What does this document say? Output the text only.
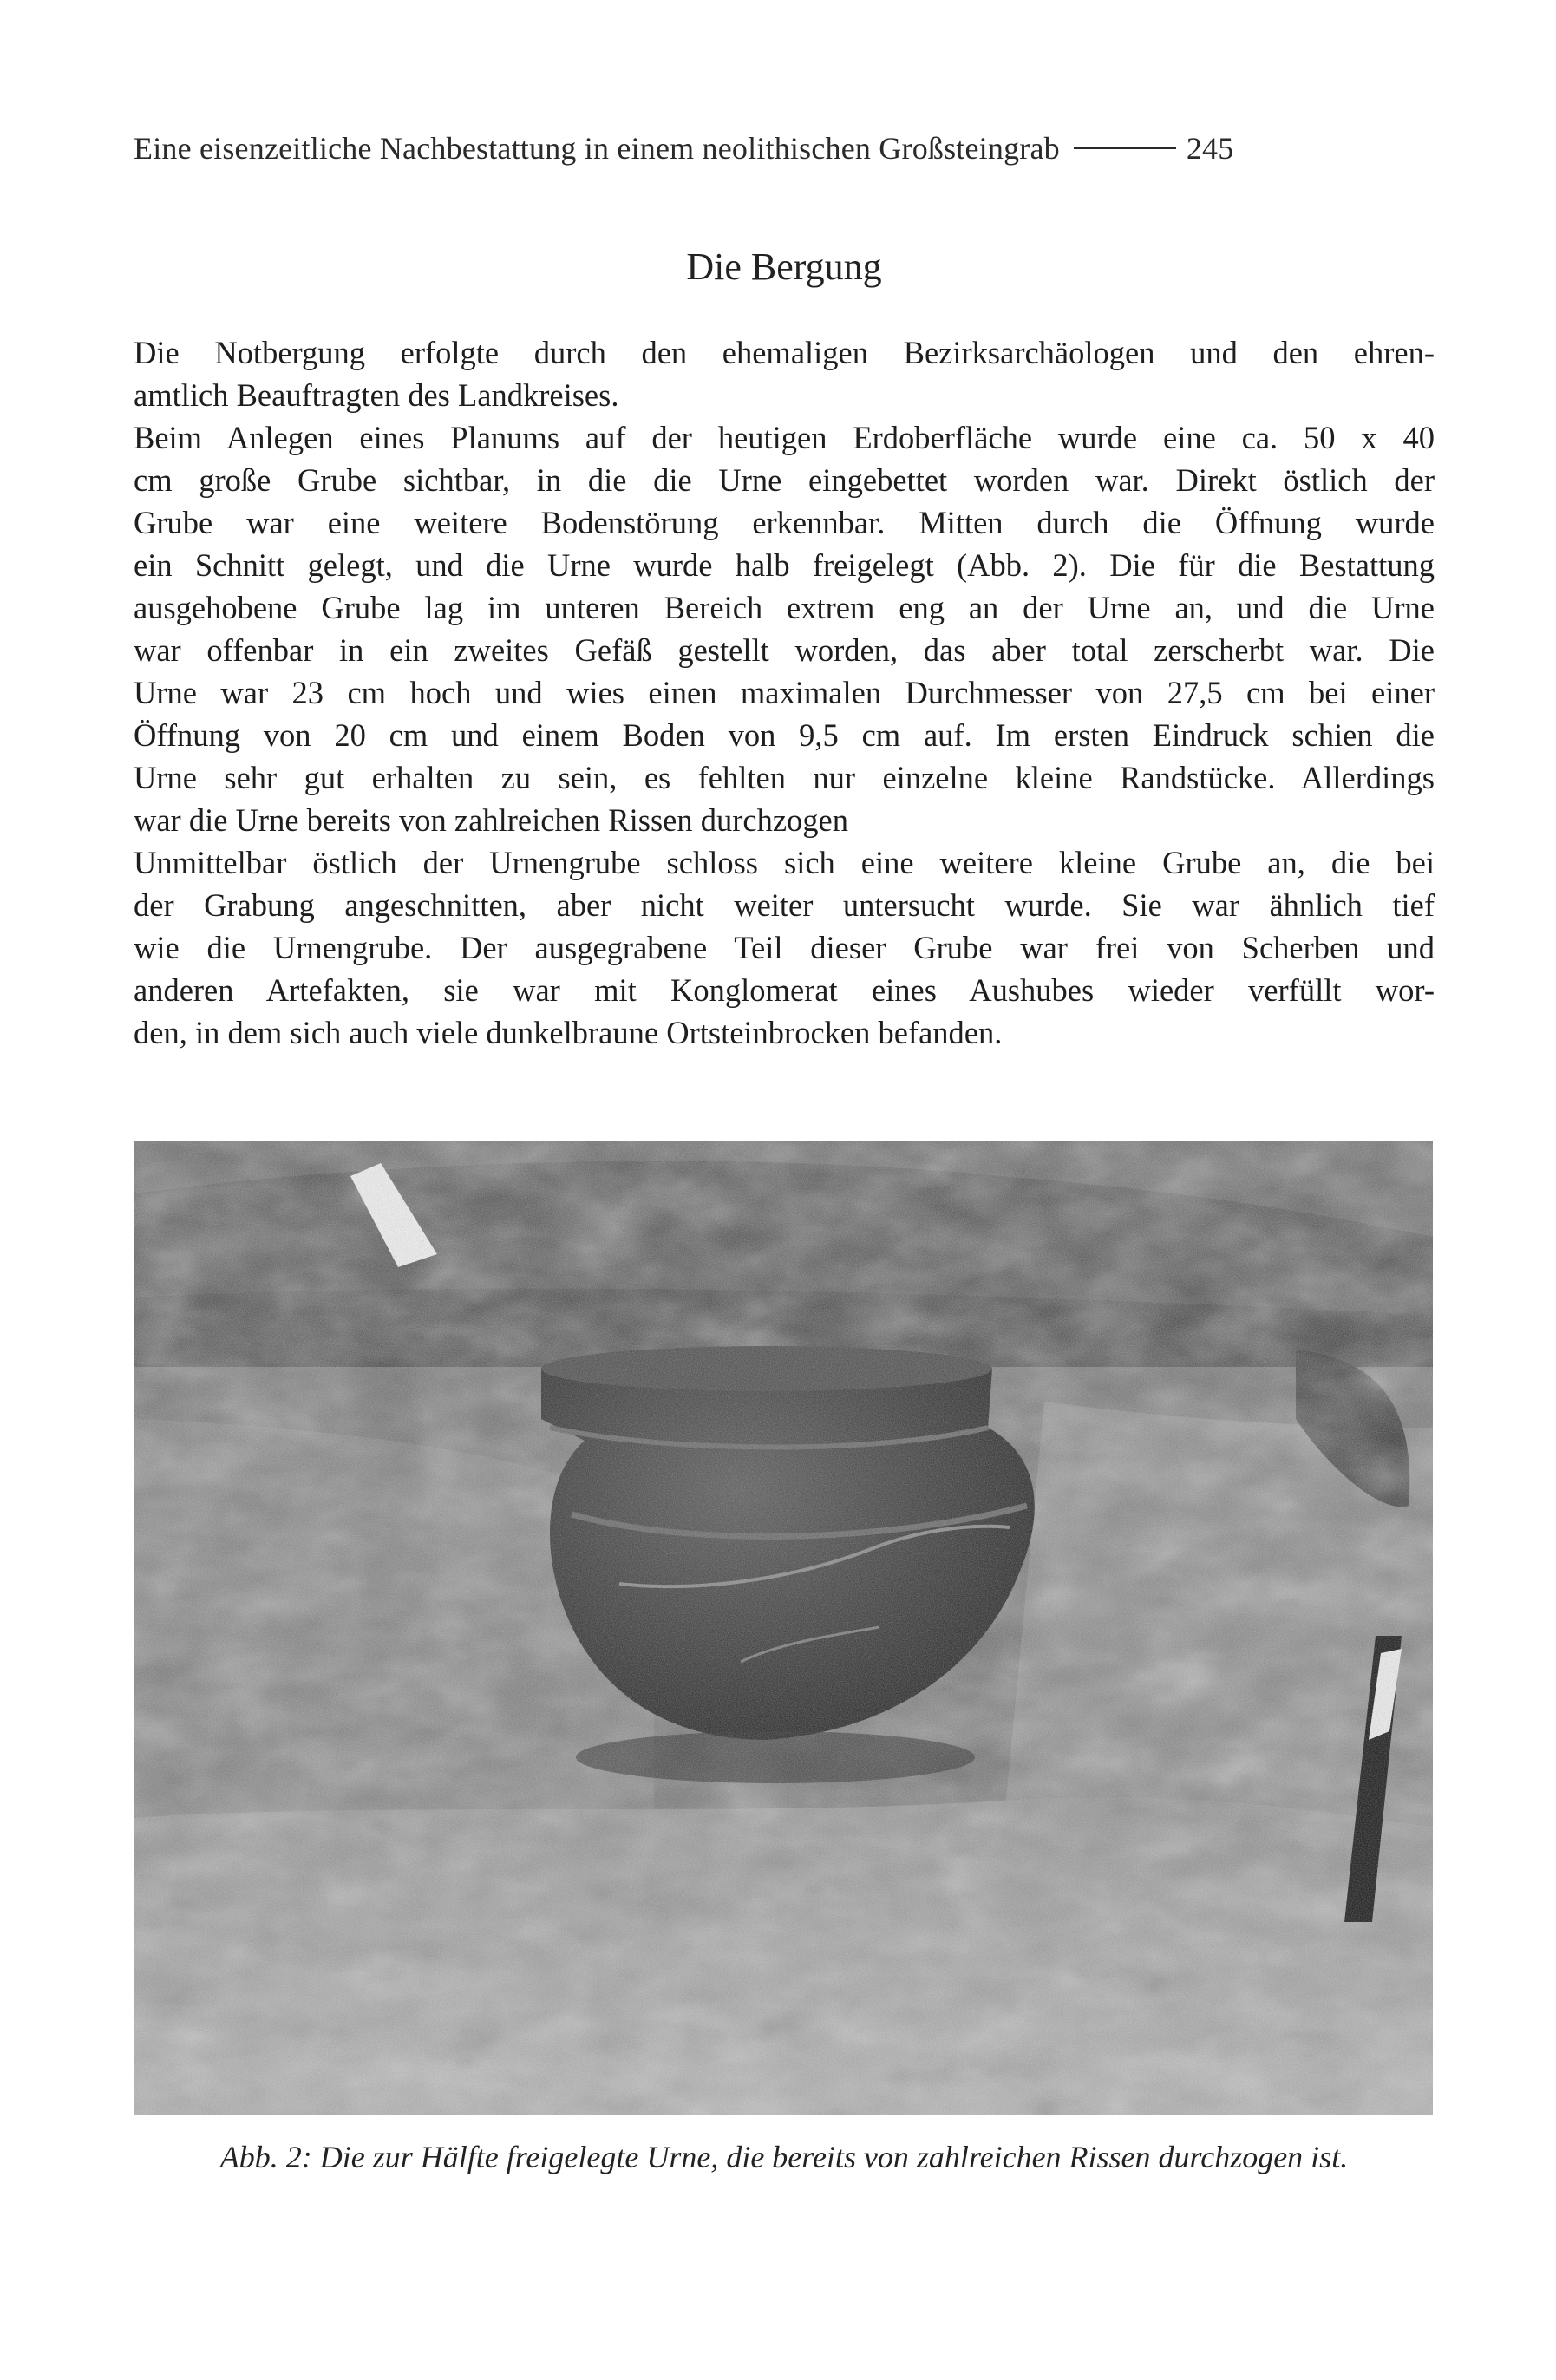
Eine eisenzeitliche Nachbestattung in einem neolithischen Großsteingrab	245
Die Bergung
Die Notbergung erfolgte durch den ehemaligen Bezirksarchäologen und den ehren-
amtlich Beauftragten des Landkreises.
Beim Anlegen eines Planums auf der heutigen Erdoberfläche wurde eine ca. 50 x 40
cm große Grube sichtbar, in die die Urne eingebettet worden war. Direkt östlich der
Grube war eine weitere Bodenstörung erkennbar. Mitten durch die Öffnung wurde
ein Schnitt gelegt, und die Urne wurde halb freigelegt (Abb. 2). Die für die Bestattung
ausgehobene Grube lag im unteren Bereich extrem eng an der Urne an, und die Urne
war offenbar in ein zweites Gefäß gestellt worden, das aber total zerscherbt war. Die
Urne war 23 cm hoch und wies einen maximalen Durchmesser von 27,5 cm bei einer
Öffnung von 20 cm und einem Boden von 9,5 cm auf. Im ersten Eindruck schien die
Urne sehr gut erhalten zu sein, es fehlten nur einzelne kleine Randstücke. Allerdings
war die Urne bereits von zahlreichen Rissen durchzogen
Unmittelbar östlich der Urnengrube schloss sich eine weitere kleine Grube an, die bei
der Grabung angeschnitten, aber nicht weiter untersucht wurde. Sie war ähnlich tief
wie die Urnengrube. Der ausgegrabene Teil dieser Grube war frei von Scherben und
anderen Artefakten, sie war mit Konglomerat eines Aushubes wieder verfüllt wor-
den, in dem sich auch viele dunkelbraune Ortsteinbrocken befanden.
Abb. 2: Die zur Hälfte freigelegte Urne, die bereits von zahlreichen Rissen durchzogen ist.
